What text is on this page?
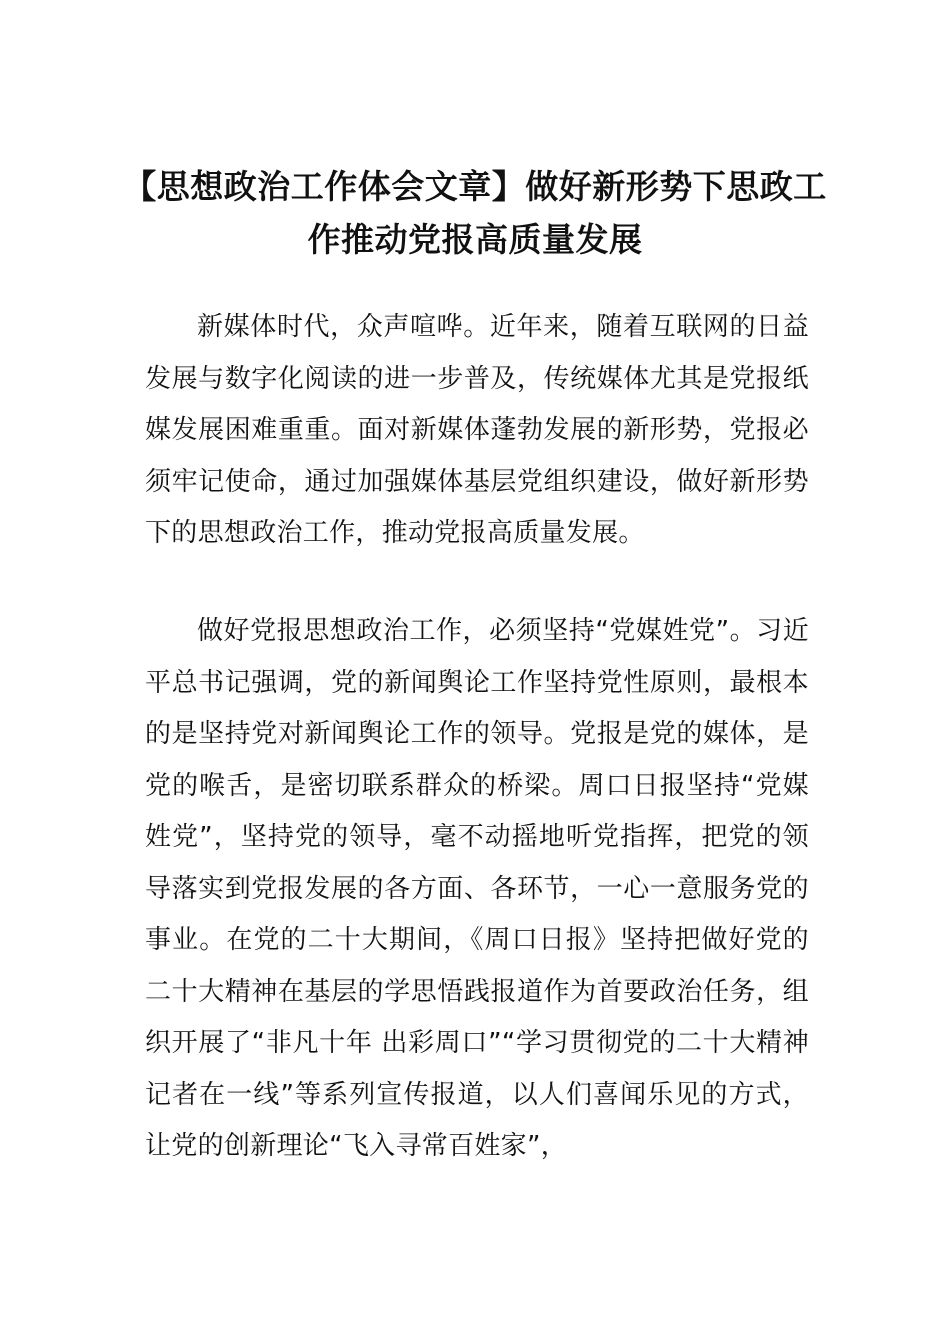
【思想政治工作体会文章】做好新形势下思政工作推动党报高质量发展

新媒体时代，众声喧哗。近年来，随着互联网的日益发展与数字化阅读的进一步普及，传统媒体尤其是党报纸媒发展困难重重。面对新媒体蓬勃发展的新形势，党报必须牢记使命，通过加强媒体基层党组织建设，做好新形势下的思想政治工作，推动党报高质量发展。

做好党报思想政治工作，必须坚持“党媒姓党”。习近平总书记强调，党的新闻舆论工作坚持党性原则，最根本的是坚持党对新闻舆论工作的领导。党报是党的媒体，是党的喉舌，是密切联系群众的桥梁。周口日报坚持“党媒姓党”，坚持党的领导，毫不动摇地听党指挥，把党的领导落实到党报发展的各方面、各环节，一心一意服务党的事业。在党的二十大期间，《周口日报》坚持把做好党的二十大精神在基层的学思悟践报道作为首要政治任务，组织开展了“非凡十年 出彩周口”“学习贯彻党的二十大精神记者在一线”等系列宣传报道，以人们喜闻乐见的方式，让党的创新理论“飞入寻常百姓家”，
